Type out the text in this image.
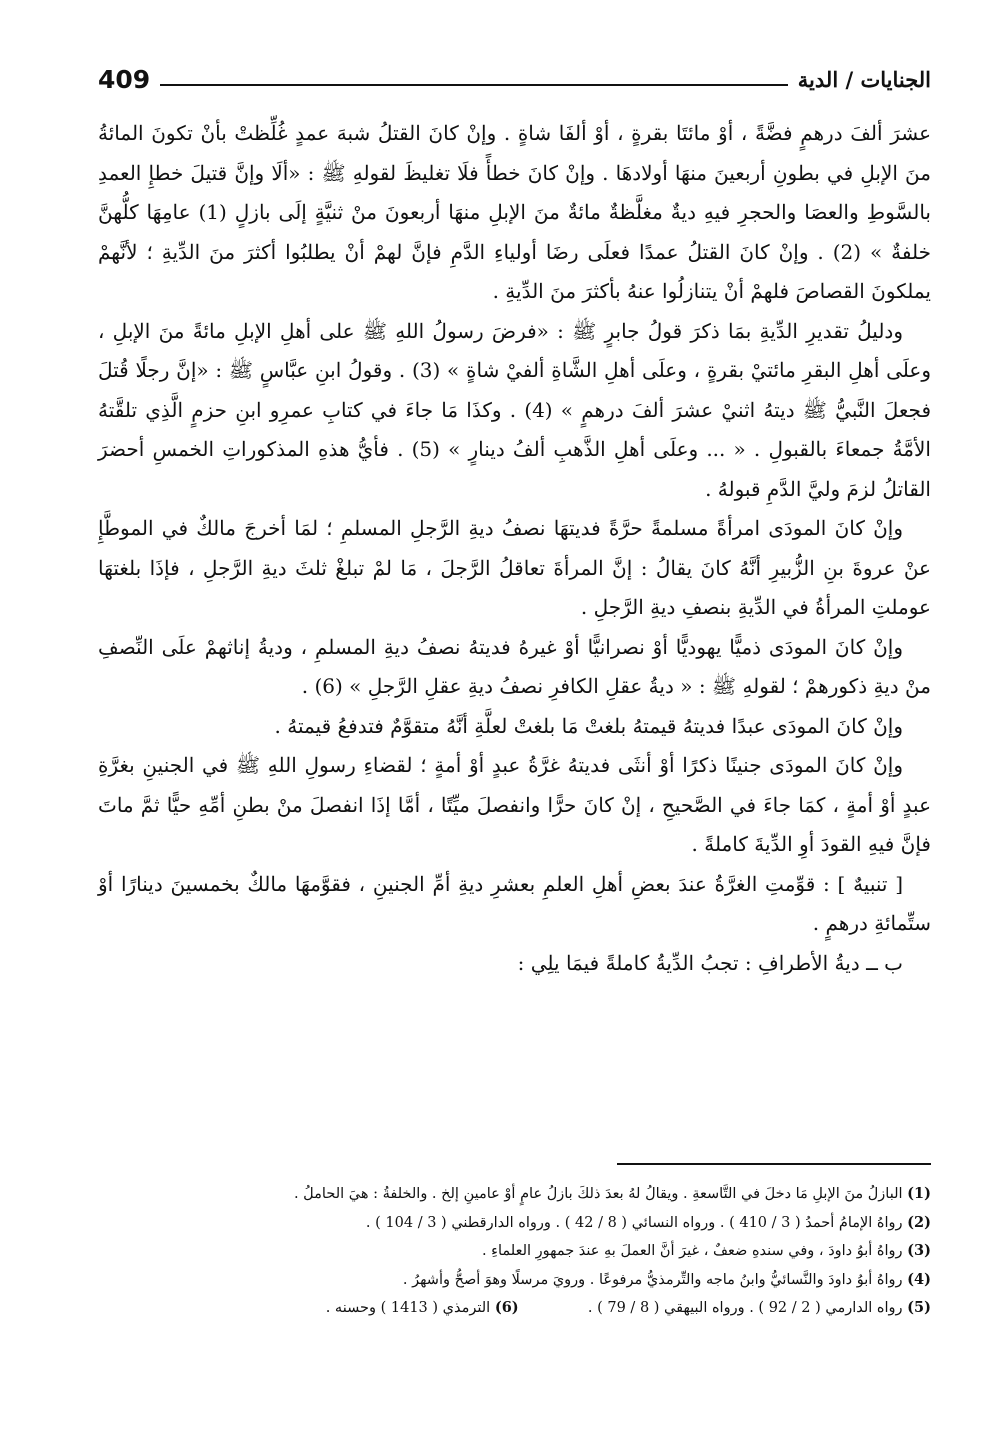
الجنايات / الدية
409

عشرَ ألفَ درهمٍ فضَّةً ، أوْ مائتَا بقرةٍ ، أوْ ألفَا شاةٍ . وإنْ كانَ القتلُ شبهَ عمدٍ غُلِّظتْ بأنْ تكونَ المائةُ منَ الإبلِ في بطونِ أربعينَ منهَا أولادهَا . وإنْ كانَ خطأً فلَا تغليظَ لقولهِ ﷺ : «ألَا وإنَّ قتيلَ خطإِ العمدِ بالسَّوطِ والعصَا والحجرِ فيهِ ديةٌ مغلَّظةٌ مائةٌ منَ الإبلِ منهَا أربعونَ منْ ثنيَّةٍ إلَى بازلٍ (1) عامِهَا كلُّهنَّ خلفةٌ » (2) . وإنْ كانَ القتلُ عمدًا فعلَى رضَا أولياءِ الدَّمِ فإنَّ لهمْ أنْ يطلبُوا أكثرَ منَ الدِّيةِ ؛ لأنَّهمْ يملكونَ القصاصَ فلهمْ أنْ يتنازلُوا عنهُ بأكثرَ منَ الدِّيةِ .

ودليلُ تقديرِ الدِّيةِ بمَا ذكرَ قولُ جابرٍ ﷺ : «فرضَ رسولُ اللهِ ﷺ على أهلِ الإبلِ مائةً منَ الإبلِ ، وعلَى أهلِ البقرِ مائتيْ بقرةٍ ، وعلَى أهلِ الشَّاةِ ألفيْ شاةٍ » (3) . وقولُ ابنِ عبَّاسٍ ﷺ : «إنَّ رجلًا قُتلَ فجعلَ النَّبيُّ ﷺ ديتهُ اثنيْ عشرَ ألفَ درهمٍ » (4) . وكذَا مَا جاءَ في كتابِ عمرِو ابنِ حزمٍ الَّذِي تلقَّتهُ الأمَّةُ جمعاءَ بالقبولِ . « ... وعلَى أهلِ الذَّهبِ ألفُ دينارٍ » (5) . فأيُّ هذهِ المذكوراتِ الخمسِ أحضرَ القاتلُ لزمَ وليَّ الدَّمِ قبولهُ .

وإنْ كانَ المودَى امرأةً مسلمةً حرَّةً فديتهَا نصفُ ديةِ الرَّجلِ المسلمِ ؛ لمَا أخرجَ مالكٌ في الموطَّإِ عنْ عروةَ بنِ الزُّبيرِ أنَّهُ كانَ يقالُ : إنَّ المرأةَ تعاقلُ الرَّجلَ ، مَا لمْ تبلغْ ثلثَ ديةِ الرَّجلِ ، فإذَا بلغتهَا عوملتِ المرأةُ في الدِّيةِ بنصفِ ديةِ الرَّجلِ .

وإنْ كانَ المودَى ذميًّا يهوديًّا أوْ نصرانيًّا أوْ غيرهُ فديتهُ نصفُ ديةِ المسلمِ ، وديةُ إناثهمْ علَى النِّصفِ منْ ديةِ ذكورهمْ ؛ لقولهِ ﷺ : « ديةُ عقلِ الكافرِ نصفُ ديةِ عقلِ الرَّجلِ » (6) .

وإنْ كانَ المودَى عبدًا فديتهُ قيمتهُ بلغتْ مَا بلغتْ لعلَّةِ أنَّهُ متقوَّمٌ فتدفعُ قيمتهُ .

وإنْ كانَ المودَى جنينًا ذكرًا أوْ أنثَى فديتهُ غرَّةُ عبدٍ أوْ أمةٍ ؛ لقضاءِ رسولِ اللهِ ﷺ في الجنينِ بغرَّةِ عبدٍ أوْ أمةٍ ، كمَا جاءَ في الصَّحيحِ ، إنْ كانَ حرًّا وانفصلَ ميِّتًا ، أمَّا إذَا انفصلَ منْ بطنِ أمِّهِ حيًّا ثمَّ ماتَ فإنَّ فيهِ القودَ أوِ الدِّيةَ كاملةً .

[ تنبيهٌ ] : قوِّمتِ الغرَّةُ عندَ بعضِ أهلِ العلمِ بعشرِ ديةِ أمِّ الجنينِ ، فقوَّمهَا مالكٌ بخمسينَ دينارًا أوْ ستِّمائةِ درهمٍ .

ب ــ ديةُ الأطرافِ : تجبُ الدِّيةُ كاملةً فيمَا يلِي :

(1) البازلُ منَ الإبلِ مَا دخلَ في التَّاسعةِ . ويقالُ لهُ بعدَ ذلكَ بازلُ عامٍ أوْ عامينِ إلخ . والخلفةُ : هيَ الحاملُ .

(2) رواهُ الإمامُ أحمدُ ( 3 / 410 ) . ورواه النسائي ( 8 / 42 ) . ورواه الدارقطني ( 3 / 104 ) .

(3) رواهُ أبوُ داودَ ، وفي سندهِ ضعفٌ ، غيرَ أنَّ العملَ بهِ عندَ جمهورِ العلماءِ .

(4) رواهُ أبوُ داودَ والنَّسائيُّ وابنُ ماجه والتِّرمذيُّ مرفوعًا . ورويَ مرسلًا وهوَ أصحُّ وأشهرُ .

(5) رواه الدارمي ( 2 / 92 ) . ورواه البيهقي ( 8 / 79 ) .  (6) الترمذي ( 1413 ) وحسنه .
